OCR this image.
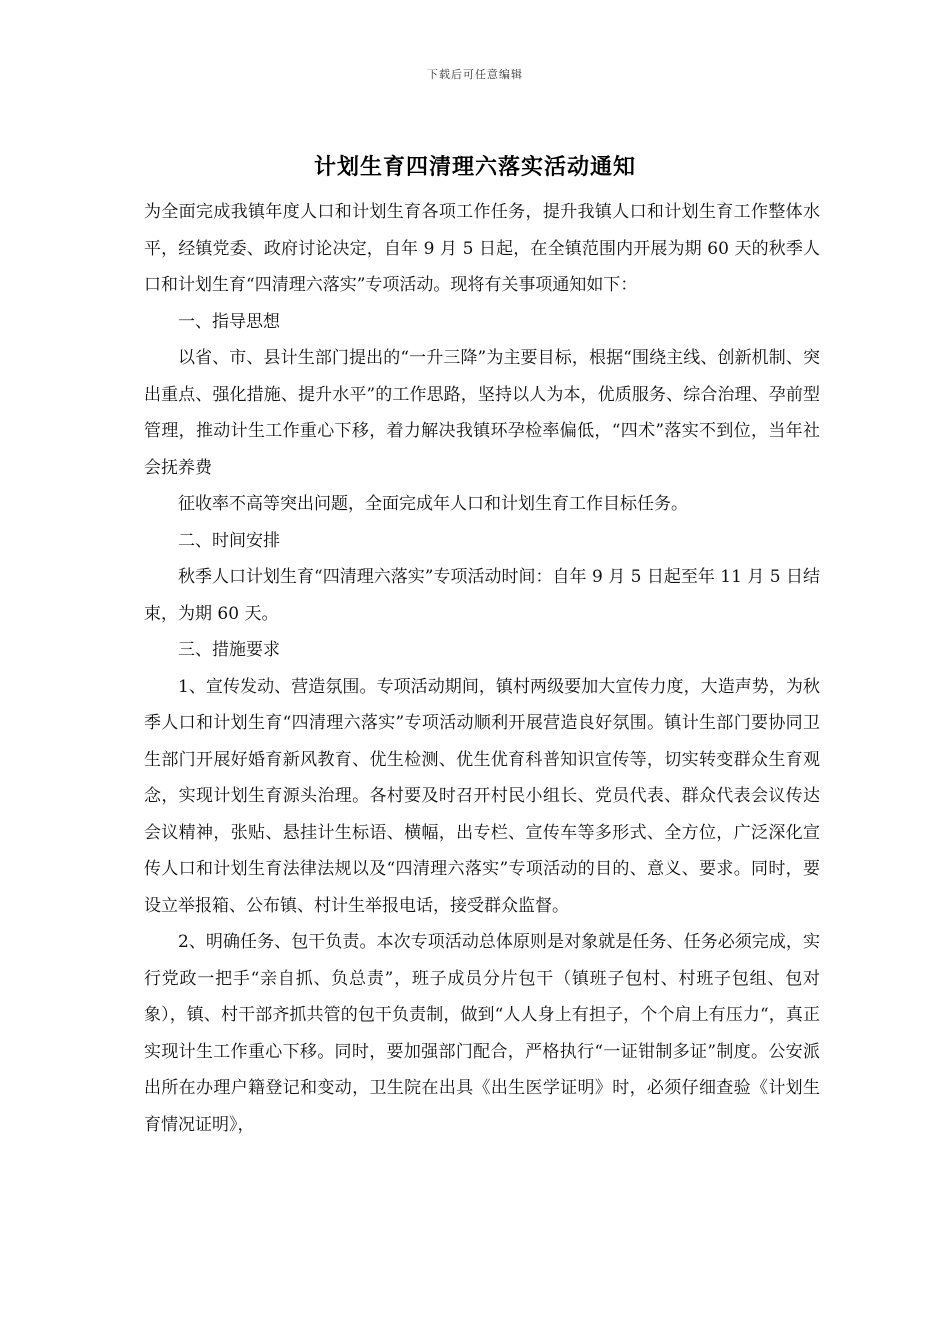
下载后可任意编辑
计划生育四清理六落实活动通知

为全面完成我镇年度人口和计划生育各项工作任务，提升我镇人口和计划生育工作整体水平，经镇党委、政府讨论决定，自年 9 月 5 日起，在全镇范围内开展为期 60 天的秋季人口和计划生育“四清理六落实”专项活动。现将有关事项通知如下：

一、指导思想

以省、市、县计生部门提出的“一升三降”为主要目标，根据“围绕主线、创新机制、突出重点、强化措施、提升水平”的工作思路，坚持以人为本，优质服务、综合治理、孕前型管理，推动计生工作重心下移，着力解决我镇环孕检率偏低，“四术”落实不到位，当年社会抚养费

征收率不高等突出问题，全面完成年人口和计划生育工作目标任务。

二、时间安排

秋季人口计划生育“四清理六落实”专项活动时间：自年 9 月 5 日起至年 11 月 5 日结束，为期 60 天。

三、措施要求

1、宣传发动、营造氛围。专项活动期间，镇村两级要加大宣传力度，大造声势，为秋季人口和计划生育“四清理六落实”专项活动顺利开展营造良好氛围。镇计生部门要协同卫生部门开展好婚育新风教育、优生检测、优生优育科普知识宣传等，切实转变群众生育观念，实现计划生育源头治理。各村要及时召开村民小组长、党员代表、群众代表会议传达会议精神，张贴、悬挂计生标语、横幅，出专栏、宣传车等多形式、全方位，广泛深化宣传人口和计划生育法律法规以及“四清理六落实”专项活动的目的、意义、要求。同时，要设立举报箱、公布镇、村计生举报电话，接受群众监督。

2、明确任务、包干负责。本次专项活动总体原则是对象就是任务、任务必须完成，实行党政一把手“亲自抓、负总责”，班子成员分片包干（镇班子包村、村班子包组、包对象），镇、村干部齐抓共管的包干负责制，做到“人人身上有担子，个个肩上有压力“，真正实现计生工作重心下移。同时，要加强部门配合，严格执行“一证钳制多证”制度。公安派出所在办理户籍登记和变动，卫生院在出具《出生医学证明》时，必须仔细查验《计划生育情况证明》，
